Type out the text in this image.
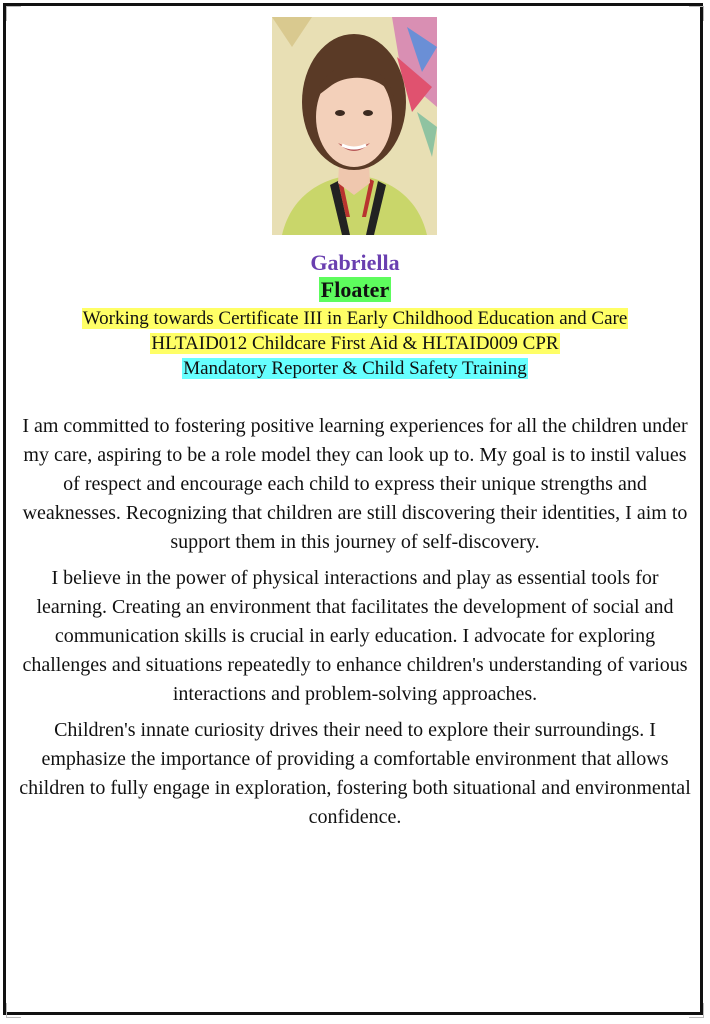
Gabriella
Floater
Working towards Certificate III in Early Childhood Education and Care
HLTAID012 Childcare First Aid & HLTAID009 CPR
Mandatory Reporter & Child Safety Training

I am committed to fostering positive learning experiences for all the children under my care, aspiring to be a role model they can look up to. My goal is to instil values of respect and encourage each child to express their unique strengths and weaknesses. Recognizing that children are still discovering their identities, I aim to support them in this journey of self-discovery.

I believe in the power of physical interactions and play as essential tools for learning. Creating an environment that facilitates the development of social and communication skills is crucial in early education. I advocate for exploring challenges and situations repeatedly to enhance children's understanding of various interactions and problem-solving approaches.

Children's innate curiosity drives their need to explore their surroundings. I emphasize the importance of providing a comfortable environment that allows children to fully engage in exploration, fostering both situational and environmental confidence.
